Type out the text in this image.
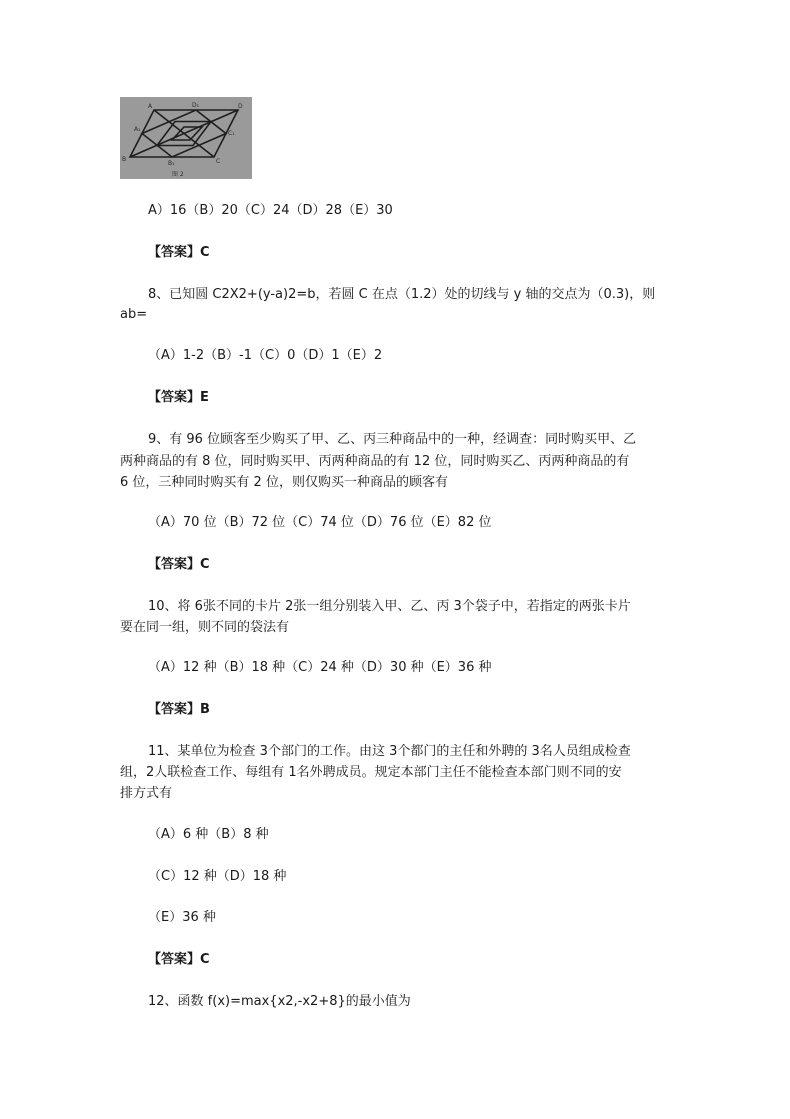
A	D₁	D
C₁
C
B₁
B
A₁
图 2
A）16（B）20（C）24（D）28（E）30
【答案】C
8、已知圆 C2X2+(y-a)2=b，若圆 C 在点（1.2）处的切线与 y 轴的交点为（0.3)，则
ab=
（A）1-2（B）-1（C）0（D）1（E）2
【答案】E
9、有 96 位顾客至少购买了甲、乙、丙三种商品中的一种，经调查：同时购买甲、乙
两种商品的有 8 位，同时购买甲、丙两种商品的有 12 位，同时购买乙、丙两种商品的有
6 位，三种同时购买有 2 位，则仅购买一种商品的顾客有
（A）70 位（B）72 位（C）74 位（D）76 位（E）82 位
【答案】C
10、将 6张不同的卡片 2张一组分别装入甲、乙、丙 3个袋子中，若指定的两张卡片
要在同一组，则不同的袋法有
（A）12 种（B）18 种（C）24 种（D）30 种（E）36 种
【答案】B
11、某单位为检查 3个部门的工作。由这 3个都门的主任和外聘的 3名人员组成检查
组，2人联检查工作、每组有 1名外聘成员。规定本部门主任不能检查本部门则不同的安
排方式有
（A）6 种（B）8 种
（C）12 种（D）18 种
（E）36 种
【答案】C
12、函数 f(x)=max{x2,-x2+8}的最小值为
